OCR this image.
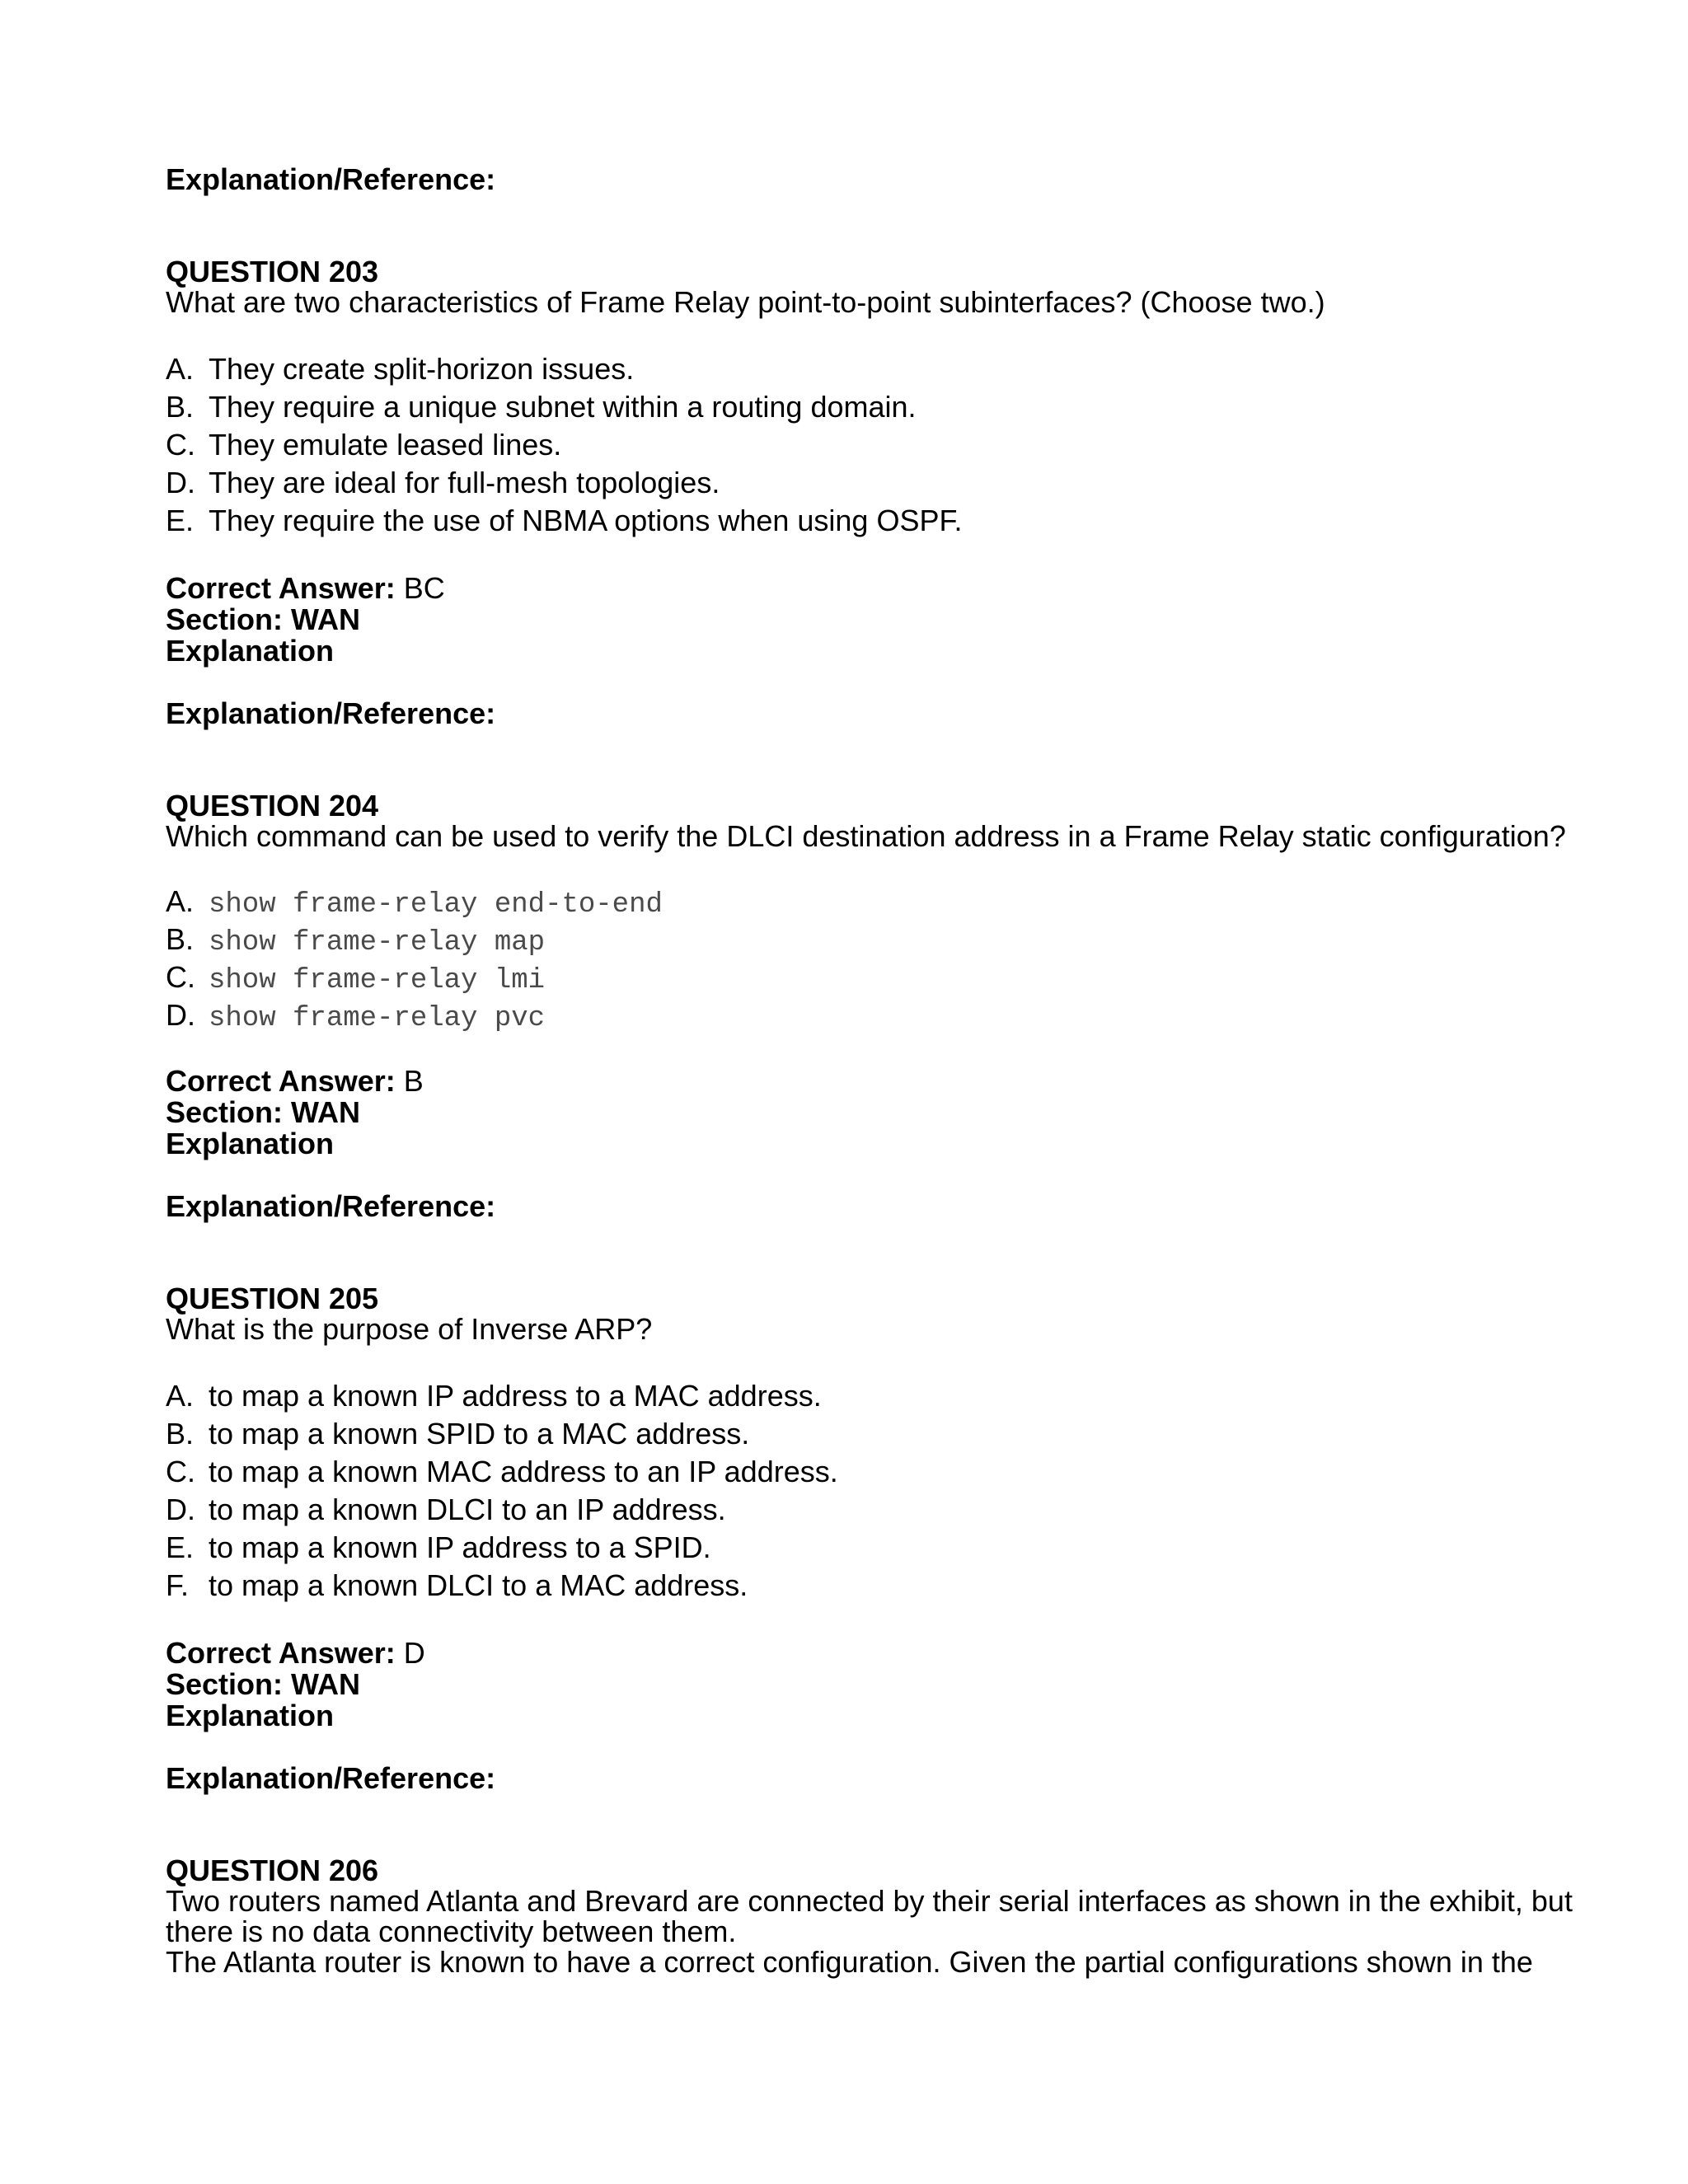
Explanation/Reference:
QUESTION 203
What are two characteristics of Frame Relay point-to-point subinterfaces? (Choose two.)
A. They create split-horizon issues.
B. They require a unique subnet within a routing domain.
C. They emulate leased lines.
D. They are ideal for full-mesh topologies.
E. They require the use of NBMA options when using OSPF.
Correct Answer: BC
Section: WAN
Explanation
Explanation/Reference:
QUESTION 204
Which command can be used to verify the DLCI destination address in a Frame Relay static configuration?
A. show frame-relay end-to-end
B. show frame-relay map
C. show frame-relay lmi
D. show frame-relay pvc
Correct Answer: B
Section: WAN
Explanation
Explanation/Reference:
QUESTION 205
What is the purpose of Inverse ARP?
A. to map a known IP address to a MAC address.
B. to map a known SPID to a MAC address.
C. to map a known MAC address to an IP address.
D. to map a known DLCI to an IP address.
E. to map a known IP address to a SPID.
F. to map a known DLCI to a MAC address.
Correct Answer: D
Section: WAN
Explanation
Explanation/Reference:
QUESTION 206
Two routers named Atlanta and Brevard are connected by their serial interfaces as shown in the exhibit, but
there is no data connectivity between them.
The Atlanta router is known to have a correct configuration. Given the partial configurations shown in the
